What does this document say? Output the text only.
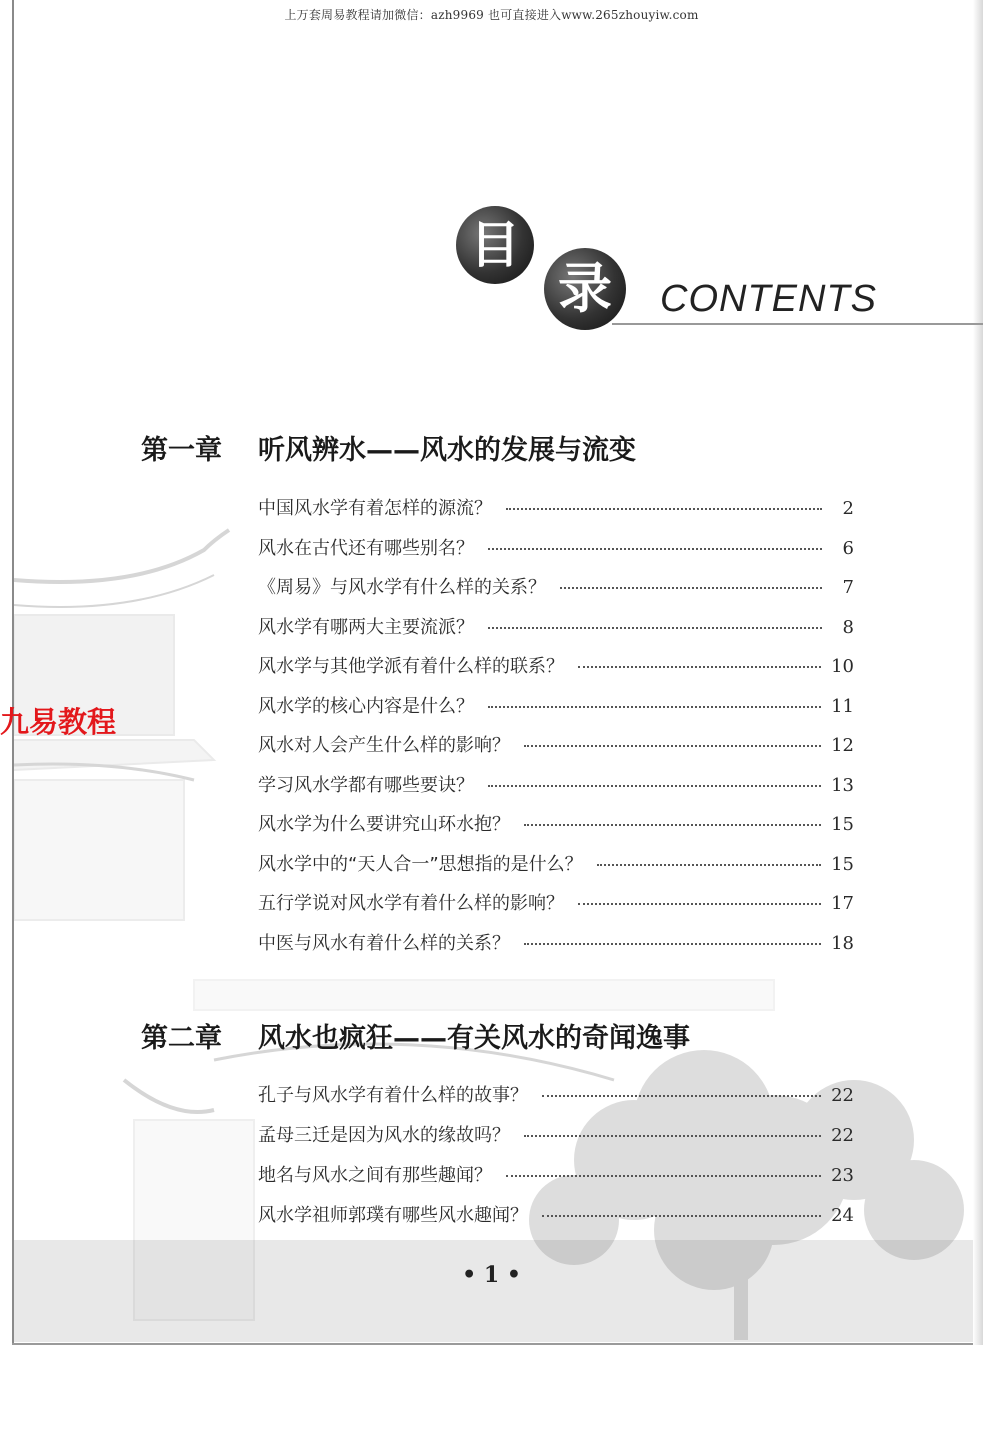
上万套周易教程请加微信：azh9969 也可直接进入www.265zhouyiw.com
目
录	CONTENTS
第一章 听风辨水——风水的发展与流变
中国风水学有着怎样的源流？	2
风水在古代还有哪些别名？	6
《周易》与风水学有什么样的关系？	7
风水学有哪两大主要流派？	8
风水学与其他学派有着什么样的联系？	10
风水学的核心内容是什么？	11
风水对人会产生什么样的影响？	12
学习风水学都有哪些要诀？	13
风水学为什么要讲究山环水抱？	15
风水学中的“天人合一”思想指的是什么？	15
五行学说对风水学有着什么样的影响？	17
中医与风水有着什么样的关系？	18
第二章 风水也疯狂——有关风水的奇闻逸事
孔子与风水学有着什么样的故事？	22
孟母三迁是因为风水的缘故吗？	22
地名与风水之间有那些趣闻？	23
风水学祖师郭璞有哪些风水趣闻？	24
九易教程
• 1 •
